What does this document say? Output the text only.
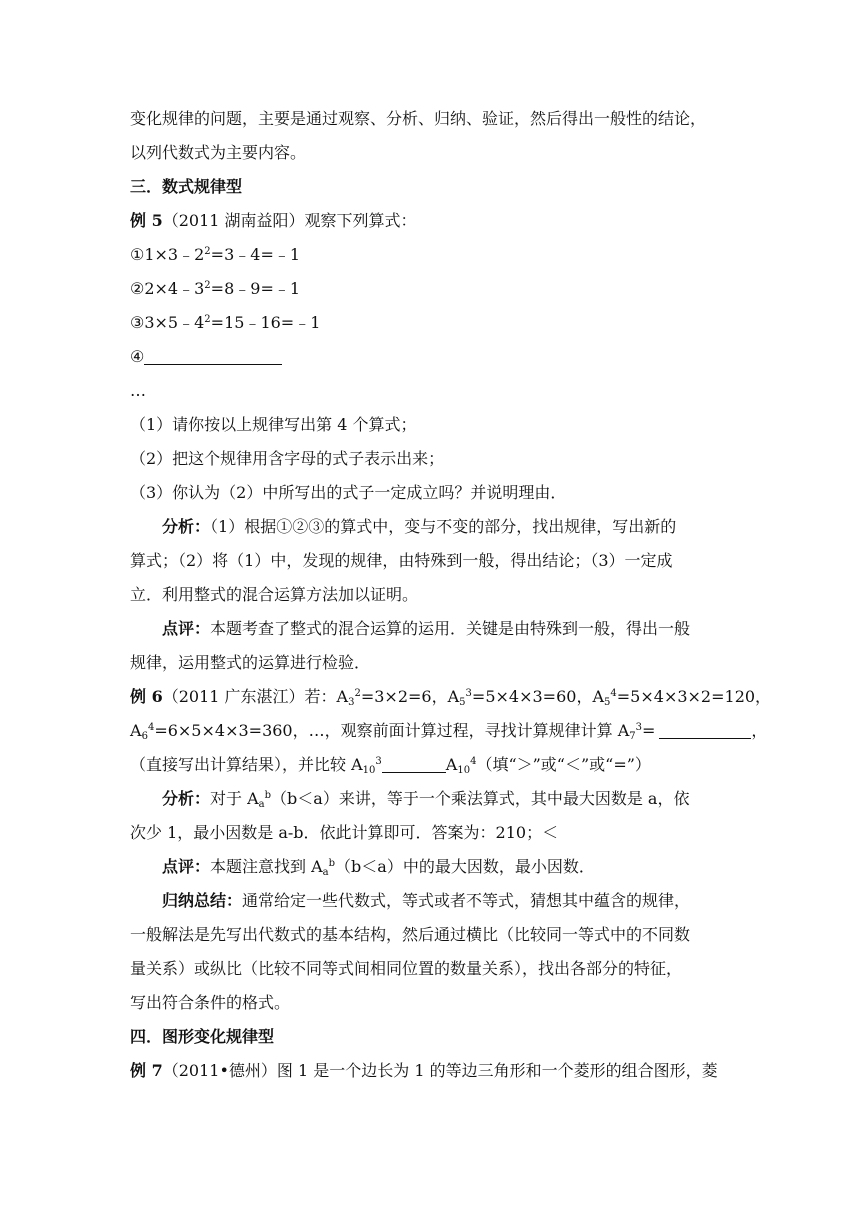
变化规律的问题，主要是通过观察、分析、归纳、验证，然后得出一般性的结论，
以列代数式为主要内容。
三．数式规律型
例 5（2011 湖南益阳）观察下列算式：
$①1\times 3﹣2^2=3﹣4=﹣1$
$②2\times 4﹣3^2=8﹣9=﹣1$
$③3\times 5﹣4^2=15﹣16=﹣1$
④
…
（1）请你按以上规律写出第 4 个算式；
（2）把这个规律用含字母的式子表示出来；
（3）你认为（2）中所写出的式子一定成立吗？并说明理由．
分析：（1）根据①②③的算式中，变与不变的部分，找出规律，写出新的
算式；（2）将（1）中，发现的规律，由特殊到一般，得出结论；（3）一定成
立．利用整式的混合运算方法加以证明。
点评：本题考查了整式的混合运算的运用．关键是由特殊到一般，得出一般
规律，运用整式的运算进行检验．
例 6（2011 广东湛江）若：$A_3^2=3\times 2=6$，$A_5^3=5\times 4\times 3=60$，$A_5^4=5\times 4\times 3\times 2=120$，
$A_6^4=6\times 5\times 4\times 3=360$，…，观察前面计算过程，寻找计算规律计算 $A_7^3=$	，
（直接写出计算结果），并比较 $A_{10}^3$	$A_{10}^4$（填“＞”或“＜”或“=”）
分析：对于 $A_a^b(b<a)$来讲，等于一个乘法算式，其中最大因数是 a，依
次少 1，最小因数是 a-b．依此计算即可．答案为：210；＜
点评：本题注意找到 $A_a^b(b<a)$中的最大因数，最小因数．
归纳总结：通常给定一些代数式，等式或者不等式，猜想其中蕴含的规律，
一般解法是先写出代数式的基本结构，然后通过横比（比较同一等式中的不同数
量关系）或纵比（比较不同等式间相同位置的数量关系），找出各部分的特征，
写出符合条件的格式。
四．图形变化规律型
例 7（2011•德州）图 1 是一个边长为 1 的等边三角形和一个菱形的组合图形，菱
